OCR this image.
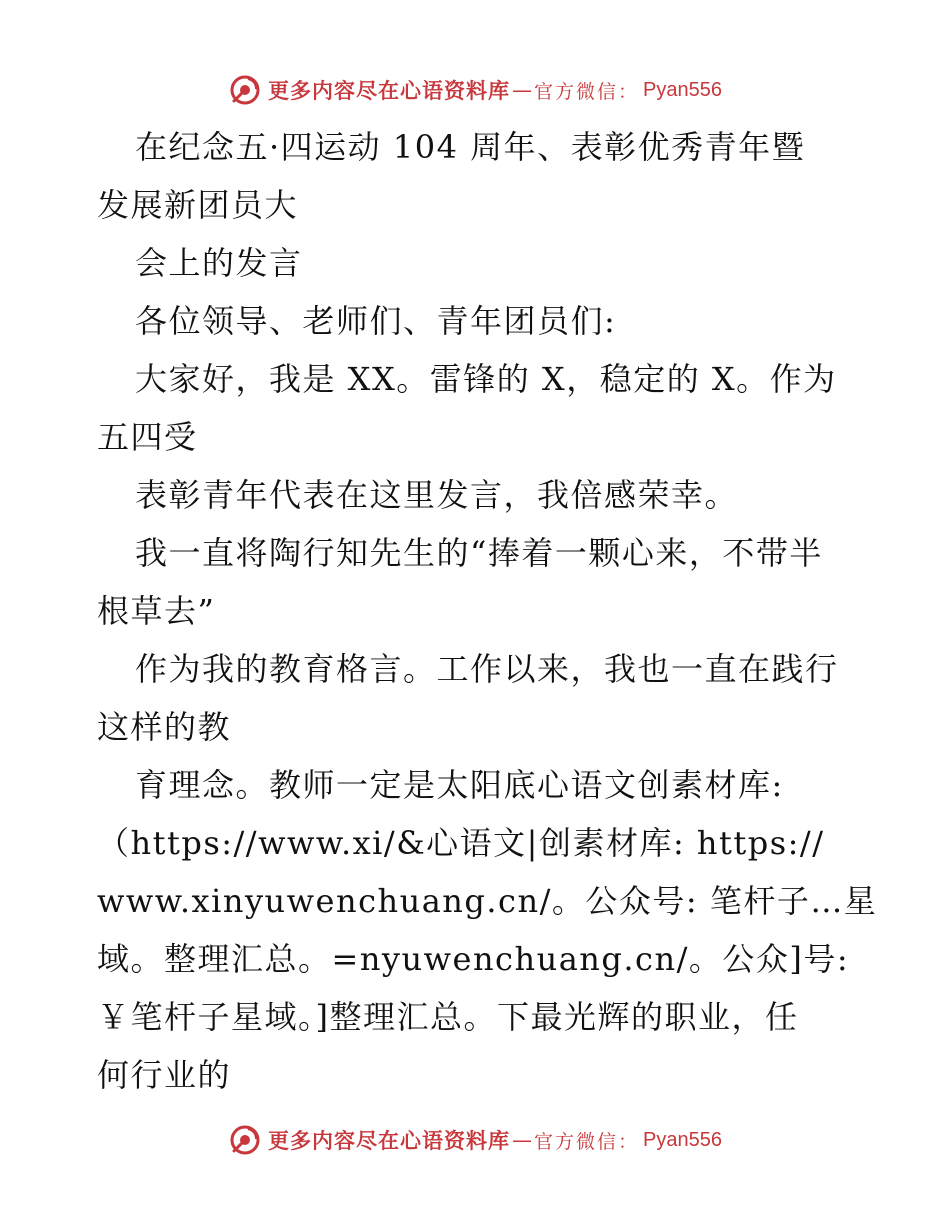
更多内容尽在心语资料库 — 官方微信： Pyan556
在纪念五·四运动 104 周年、表彰优秀青年暨
发展新团员大
会上的发言
各位领导、老师们、青年团员们:
大家好，我是 XX。雷锋的 X，稳定的 X。作为
五四受
表彰青年代表在这里发言，我倍感荣幸。
我一直将陶行知先生的“捧着一颗心来，不带半
根草去”
作为我的教育格言。工作以来，我也一直在践行
这样的教
育理念。教师一定是太阳底心语文创素材库:
（https://www.xi/&心语文|创素材库: https://
www.xinyuwenchuang.cn/。公众号: 笔杆子…星
域。整理汇总。=nyuwenchuang.cn/。公众]号:
￥笔杆子星域。]整理汇总。下最光辉的职业，任
何行业的
更多内容尽在心语资料库 — 官方微信： Pyan556
